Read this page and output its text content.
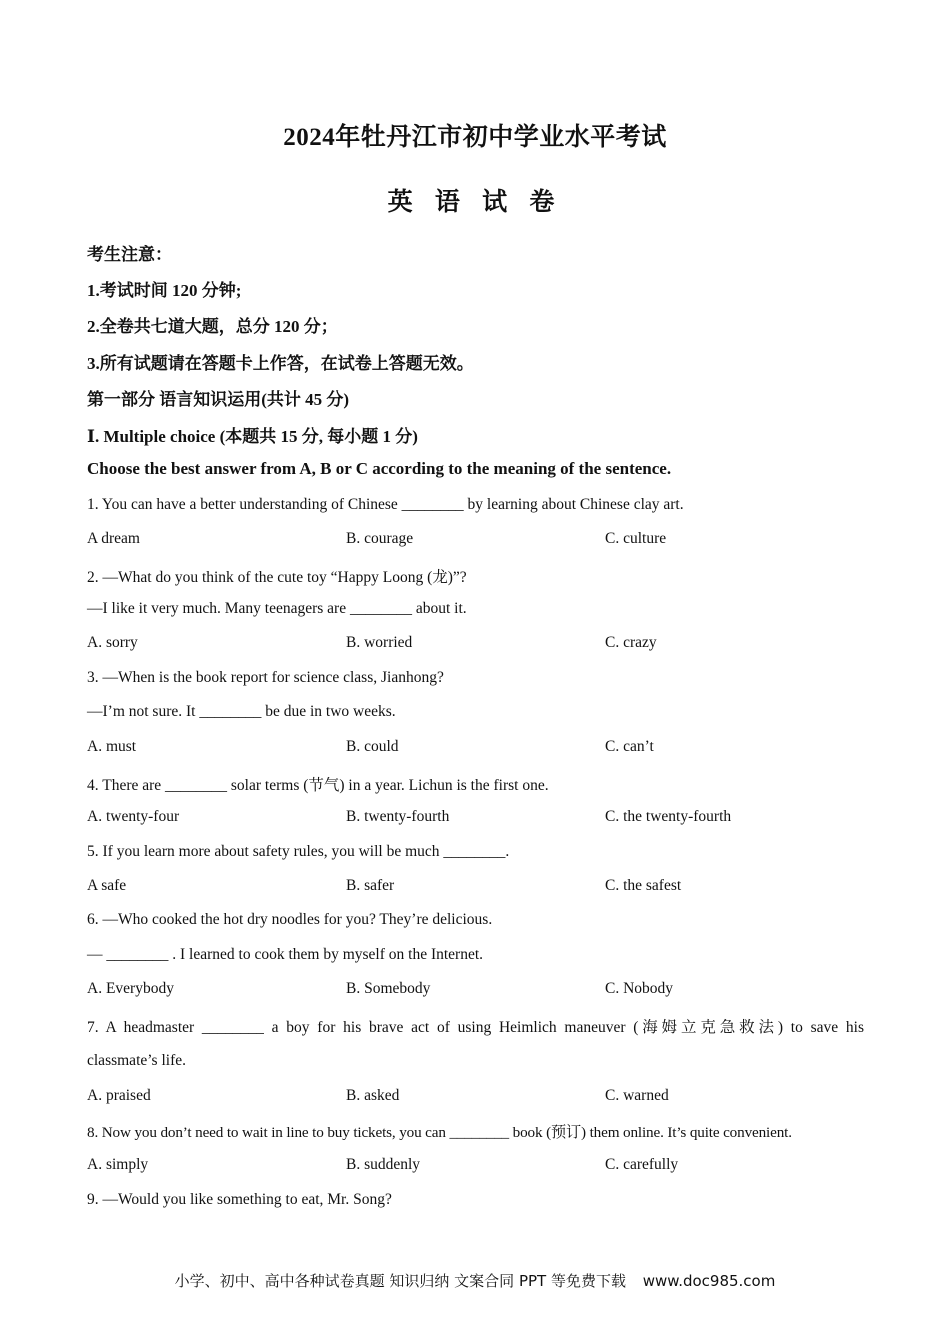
2024年牡丹江市初中学业水平考试
英 语 试 卷
考生注意：
1.考试时间 120 分钟;
2.全卷共七道大题，总分 120 分；
3.所有试题请在答题卡上作答，在试卷上答题无效。
第一部分 语言知识运用(共计 45 分)
Ⅰ. Multiple choice (本题共 15 分, 每小题 1 分)
Choose the best answer from A, B or C according to the meaning of the sentence.
1. You can have a better understanding of Chinese ________ by learning about Chinese clay art.
A dream	B. courage	C. culture
2. —What do you think of the cute toy “Happy Loong (龙)”?
—I like it very much. Many teenagers are ________ about it.
A. sorry	B. worried	C. crazy
3. —When is the book report for science class, Jianhong?
—I’m not sure. It ________ be due in two weeks.
A. must	B. could	C. can’t
4. There are ________ solar terms (节气) in a year. Lichun is the first one.
A. twenty-four	B. twenty-fourth	C. the twenty-fourth
5. If you learn more about safety rules, you will be much ________.
A safe	B. safer	C. the safest
6. —Who cooked the hot dry noodles for you? They’re delicious.
— ________ . I learned to cook them by myself on the Internet.
A. Everybody	B. Somebody	C. Nobody
7. A headmaster ________ a boy for his brave act of using Heimlich maneuver (海姆立克急救法) to save his
classmate’s life.
A. praised	B. asked	C. warned
8. Now you don’t need to wait in line to buy tickets, you can ________ book (预订) them online. It’s quite convenient.
A. simply	B. suddenly	C. carefully
9. —Would you like something to eat, Mr. Song?
小学、初中、高中各种试卷真题 知识归纳 文案合同 PPT 等免费下载 www.doc985.com
